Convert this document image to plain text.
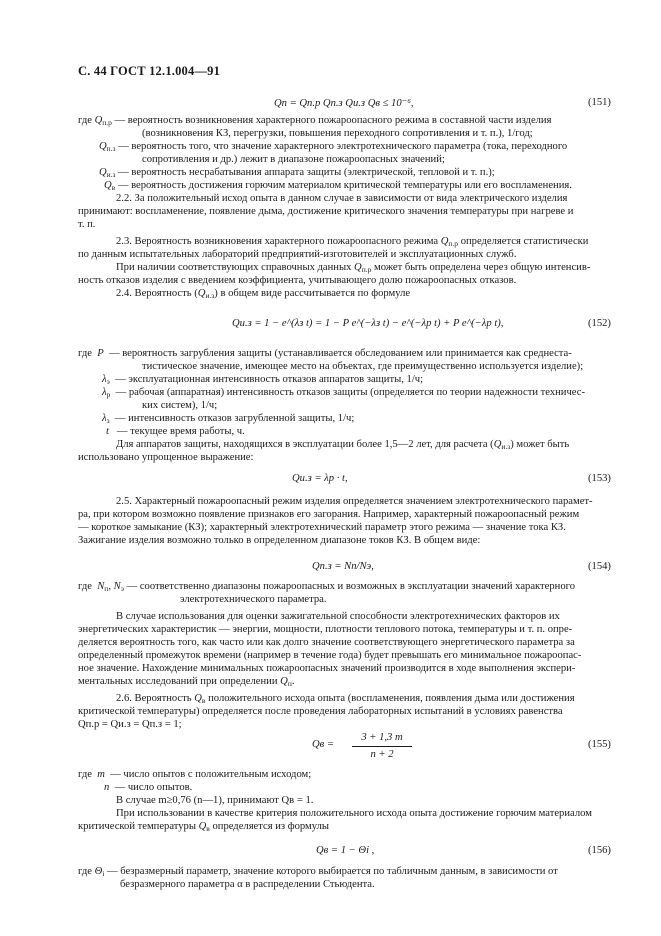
С. 44 ГОСТ 12.1.004—91
Qп = Qп.р Qп.з Qи.з Qв ≤ 10⁻⁶,	(151)
где $Q_{п.р}$ — вероятность возникновения характерного пожароопасного режима в составной части изделия
(возникновения КЗ, перегрузки, повышения переходного сопротивления и т. п.), 1/год;
$Q_{п.з}$ — вероятность того, что значение характерного электротехнического параметра (тока, переходного
сопротивления и др.) лежит в диапазоне пожароопасных значений;
$Q_{и.з}$ — вероятность несрабатывания аппарата защиты (электрической, тепловой и т. п.);
$Q_в$ — вероятность достижения горючим материалом критической температуры или его воспламенения.
2.2. За положительный исход опыта в данном случае в зависимости от вида электрического изделия
принимают: воспламенение, появление дыма, достижение критического значения температуры при нагреве и
т. п.
2.3. Вероятность возникновения характерного пожароопасного режима $Q_{п.р}$ определяется статистически
по данным испытательных лабораторий предприятий-изготовителей и эксплуатационных служб.
При наличии соответствующих справочных данных $Q_{п.р}$ может быть определена через общую интенсив-
ность отказов изделия с введением коэффициента, учитывающего долю пожароопасных отказов.
2.4. Вероятность $(Q_{и.з})$ в общем виде рассчитывается по формуле
Qи.з = 1 − e^(λз t) = 1 − P e^(−λз t) − e^(−λр t) + P e^(−λр t),	(152)
где P — вероятность загрубления защиты (устанавливается обследованием или принимается как среднеста-
тистическое значение, имеющее место на объектах, где преимущественно используется изделие);
$\lambda_э$ — эксплуатационная интенсивность отказов аппаратов защиты, 1/ч;
$\lambda_р$ — рабочая (аппаратная) интенсивность отказов защиты (определяется по теории надежности техничес-
ких систем), 1/ч;
$\lambda_з$ — интенсивность отказов загрубленной защиты, 1/ч;
t — текущее время работы, ч.
Для аппаратов защиты, находящихся в эксплуатации более 1,5—2 лет, для расчета $(Q_{и.з})$ может быть
использовано упрощенное выражение:
Qи.з = λр · t,	(153)
2.5. Характерный пожароопасный режим изделия определяется значением электротехнического парамет-
ра, при котором возможно появление признаков его загорания. Например, характерный пожароопасный режим
— короткое замыкание (КЗ); характерный электротехнический параметр этого режима — значение тока КЗ.
Зажигание изделия возможно только в определенном диапазоне токов КЗ. В общем виде:
Qп.з = Nп/Nэ,	(154)
где $N_п$, $N_э$ — соответственно диапазоны пожароопасных и возможных в эксплуатации значений характерного
электротехнического параметра.
В случае использования для оценки зажигательной способности электротехнических факторов их
энергетических характеристик — энергии, мощности, плотности теплового потока, температуры и т. п. опре-
деляется вероятность того, как часто или как долго значение соответствующего энергетического параметра за
определенный промежуток времени (например в течение года) будет превышать его минимальное пожароопас-
ное значение. Нахождение минимальных пожароопасных значений производится в ходе выполнения экспери-
ментальных исследований при определении $Q_п$.
2.6. Вероятность $Q_в$ положительного исхода опыта (воспламенения, появления дыма или достижения
критической температуры) определяется после проведения лабораторных испытаний в условиях равенства
Qп.р = Qи.з = Qп.з = 1;
Qв =
3 + 1,3 m
n + 2
(155)
где m — число опытов с положительным исходом;
n — число опытов.
В случае m≥0,76 (n—1), принимают Qв = 1.
При использовании в качестве критерия положительного исхода опыта достижение горючим материалом
критической температуры $Q_в$ определяется из формулы
Qв = 1 − Θi ,	(156)
где $\Theta_i$ — безразмерный параметр, значение которого выбирается по табличным данным, в зависимости от
безразмерного параметра α в распределении Стьюдента.
